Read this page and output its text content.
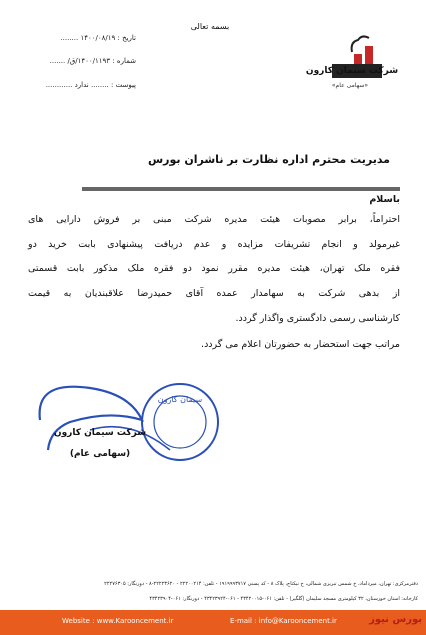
بسمه تعالی
تاریخ : ۱۴۰۰/۰۸/۱۹ ........
شماره : ۱۴۰۰/۱۱۹۳/ق/ .......
پیوست : ........ ندارد ............
شرکت سیمان کارون
«سهامی عام»
مدیریت محترم اداره نظارت بر ناشران بورس
باسلام
احتراماً، برابر مصوبات هیئت مدیره شرکت مبنی بر فروش دارایی های
غیرمولد و انجام تشریفات مزایده و عدم دریافت پیشنهادی بابت خرید دو
فقره ملک تهران، هیئت مدیره مقرر نمود دو فقره ملک مذکور بابت قسمتی
از بدهی شرکت به سهامدار عمده آقای حمیدرضا علاقبندیان به قیمت
کارشناسی رسمی دادگستری واگذار گردد.
مراتب جهت استحضار به حضورتان اعلام می گردد.
سیمان کارون
شرکت سیمان کارون
(سهامی عام)
دفترمرکزی: تهران، میرداماد، خ شمس تبریزی شمالی، خ نیکتاج، پلاک ۸ - کد پستی ۱۹۱۹۹۹۳۷۱۷ - تلفن: ۲۲۲۰۰۲۱۴ - ۲۲۲۲۳۶۲۰-۸ - دورنگار: ۲۲۲۷۶۳۰۵
کارخانه: استان خوزستان، ۳۲ کیلومتری مسجد سلیمان (گلگیر) - تلفن: ۰۶۱-۴۳۴۲۰۰۱۵ - ۰۶۱-۴۳۴۲۳۹۲۴ - دورنگار: ۰۶۱-۴۳۴۲۳۹۰۴
Website : www.Karooncement.ir	E-mail : info@Karooncement.ir	بورس نیوز
